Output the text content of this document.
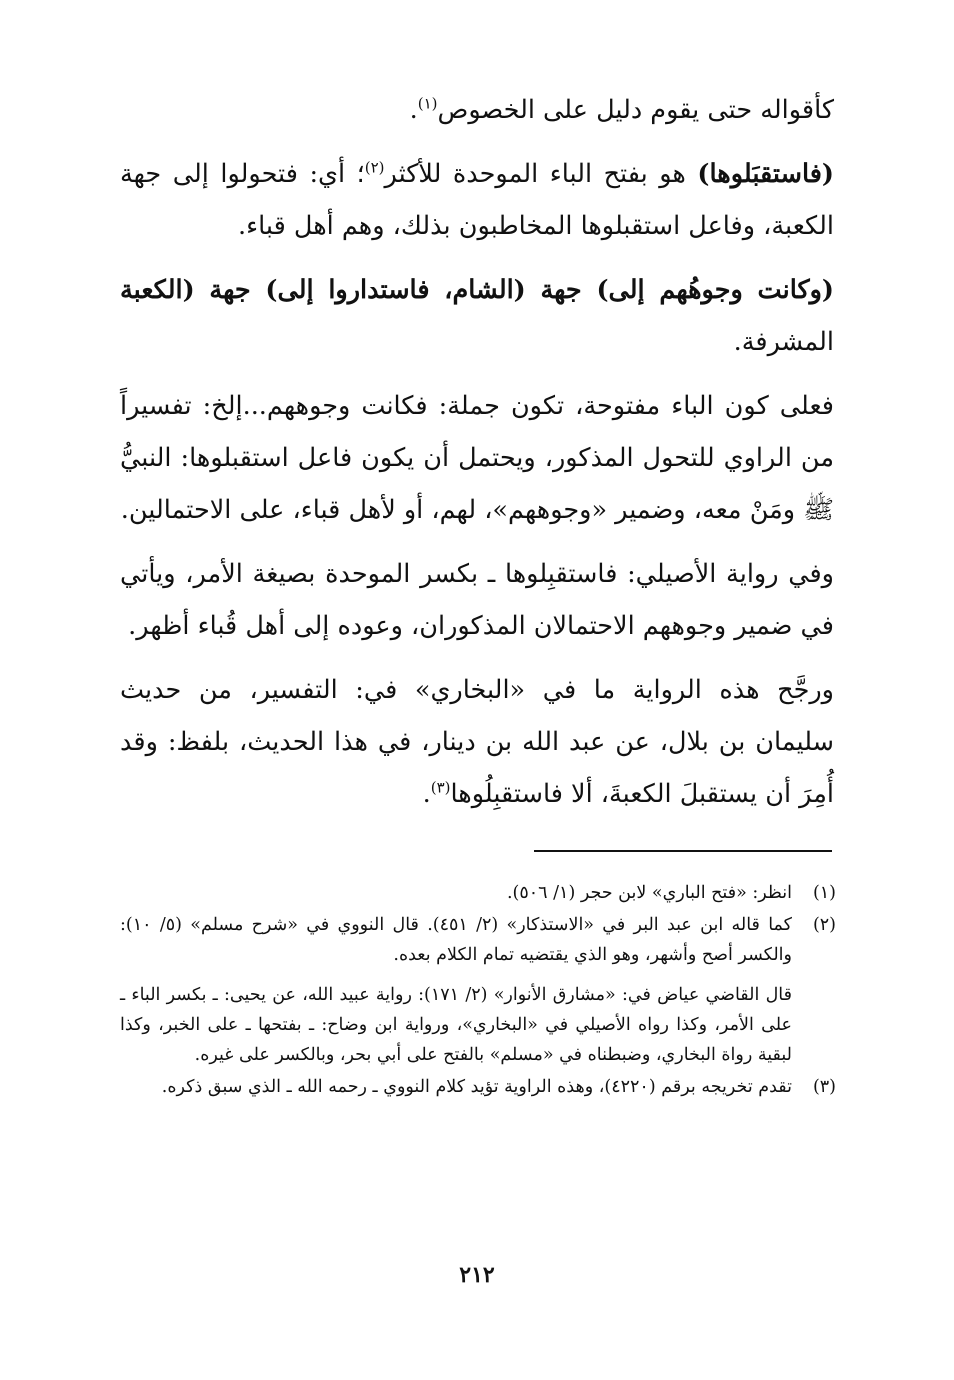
كأقواله حتى يقوم دليل على الخصوص$^{(١)}$.

(فاستقبَلوها) هو بفتح الباء الموحدة للأكثر$^{(٢)}$؛ أي: فتحولوا إلى جهة الكعبة، وفاعل استقبلوها المخاطبون بذلك، وهم أهل قباء.

(وكانت وجوهُهم إلى) جهة (الشام، فاستداروا إلى) جهة (الكعبة المشرفة.

فعلى كون الباء مفتوحة، تكون جملة: فكانت وجوههم...إلخ: تفسيراً من الراوي للتحول المذكور، ويحتمل أن يكون فاعل استقبلوها: النبيُّ ﷺ ومَنْ معه، وضمير «وجوههم»، لهم، أو لأهل قباء، على الاحتمالين.

وفي رواية الأصيلي: فاستقبِلوها ـ بكسر الموحدة بصيغة الأمر، ويأتي في ضمير وجوههم الاحتمالان المذكوران، وعوده إلى أهل قُباء أظهر.

ورجَّح هذه الرواية ما في «البخاري» في: التفسير، من حديث سليمان بن بلال، عن عبد الله بن دينار، في هذا الحديث، بلفظ: وقد أُمِرَ أن يستقبلَ الكعبةَ، ألا فاستقبِلُوها$^{(٣)}$.

(١)
انظر: «فتح الباري» لابن حجر (١/ ٥٠٦).
(٢)
كما قاله ابن عبد البر في «الاستذكار» (٢/ ٤٥١). قال النووي في «شرح مسلم» (٥/ ١٠): والكسر أصح وأشهر، وهو الذي يقتضيه تمام الكلام بعده.
قال القاضي عياض في: «مشارق الأنوار» (٢/ ١٧١): رواية عبيد الله، عن يحيى: ـ بكسر الباء ـ على الأمر، وكذا رواه الأصيلي في «البخاري»، ورواية ابن وضاح: ـ بفتحها ـ على الخبر، وكذا لبقية رواة البخاري، وضبطناه في «مسلم» بالفتح على أبي بحر، وبالكسر على غيره.
(٣)
تقدم تخريجه برقم (٤٢٢٠)، وهذه الراوية تؤيد كلام النووي ـ رحمه الله ـ الذي سبق ذكره.
٢١٢
